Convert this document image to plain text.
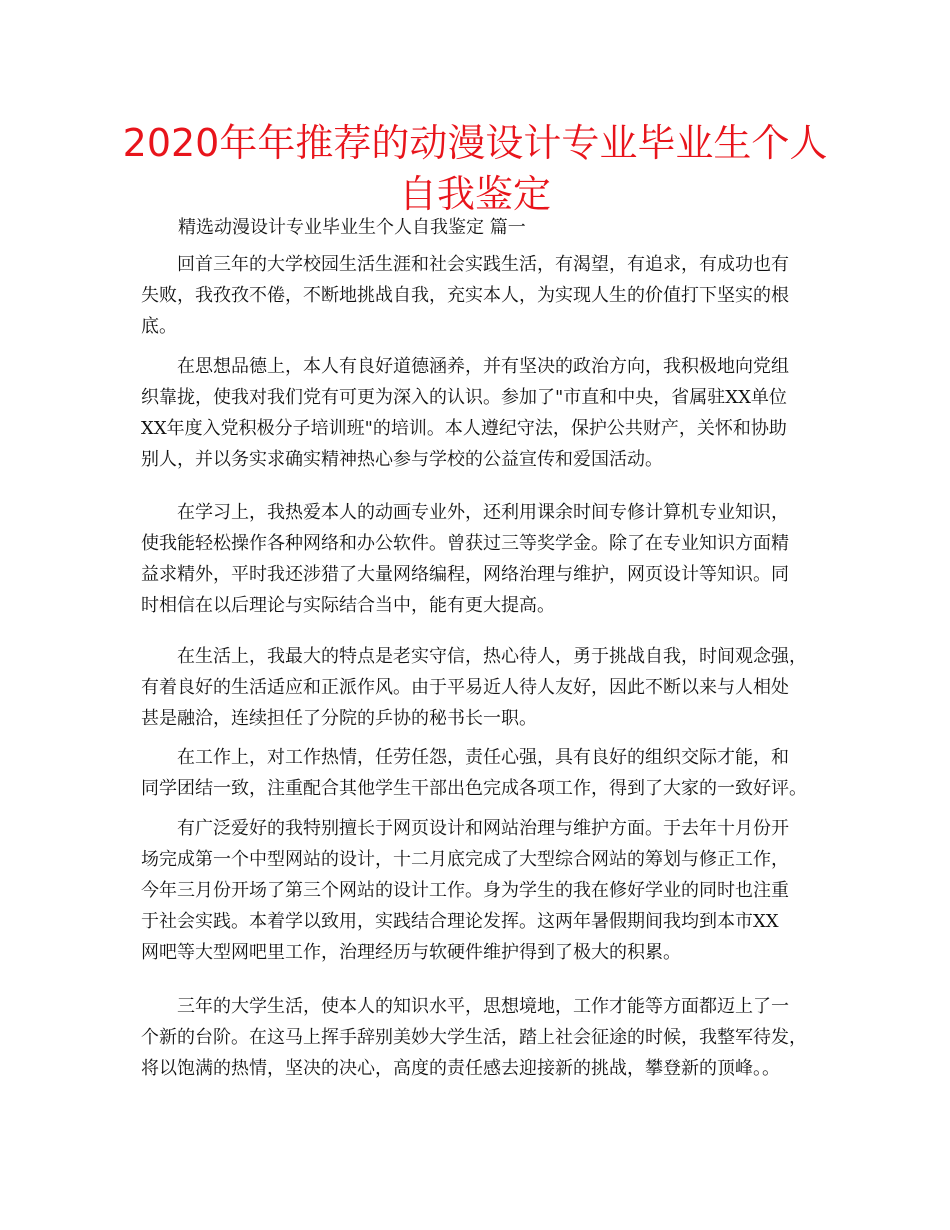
2020年年推荐的动漫设计专业毕业生个人
自我鉴定
精选动漫设计专业毕业生个人自我鉴定 篇一
　　回首三年的大学校园生活生涯和社会实践生活，有渴望，有追求，有成功也有
失败，我孜孜不倦，不断地挑战自我，充实本人，为实现人生的价值打下坚实的根
底。
　　在思想品德上，本人有良好道德涵养，并有坚决的政治方向，我积极地向党组
织靠拢，使我对我们党有可更为深入的认识。参加了"市直和中央，省属驻XX单位
XX年度入党积极分子培训班"的培训。本人遵纪守法，保护公共财产，关怀和协助
别人，并以务实求确实精神热心参与学校的公益宣传和爱国活动。
　　在学习上，我热爱本人的动画专业外，还利用课余时间专修计算机专业知识，
使我能轻松操作各种网络和办公软件。曾获过三等奖学金。除了在专业知识方面精
益求精外，平时我还涉猎了大量网络编程，网络治理与维护，网页设计等知识。同
时相信在以后理论与实际结合当中，能有更大提高。
　　在生活上，我最大的特点是老实守信，热心待人，勇于挑战自我，时间观念强，
有着良好的生活适应和正派作风。由于平易近人待人友好，因此不断以来与人相处
甚是融洽，连续担任了分院的乒协的秘书长一职。
　　在工作上，对工作热情，任劳任怨，责任心强，具有良好的组织交际才能，和
同学团结一致，注重配合其他学生干部出色完成各项工作，得到了大家的一致好评。
　　有广泛爱好的我特别擅长于网页设计和网站治理与维护方面。于去年十月份开
场完成第一个中型网站的设计，十二月底完成了大型综合网站的筹划与修正工作，
今年三月份开场了第三个网站的设计工作。身为学生的我在修好学业的同时也注重
于社会实践。本着学以致用，实践结合理论发挥。这两年暑假期间我均到本市XX
网吧等大型网吧里工作，治理经历与软硬件维护得到了极大的积累。
　　三年的大学生活，使本人的知识水平，思想境地，工作才能等方面都迈上了一
个新的台阶。在这马上挥手辞别美妙大学生活，踏上社会征途的时候，我整军待发，
将以饱满的热情，坚决的决心，高度的责任感去迎接新的挑战，攀登新的顶峰。。
